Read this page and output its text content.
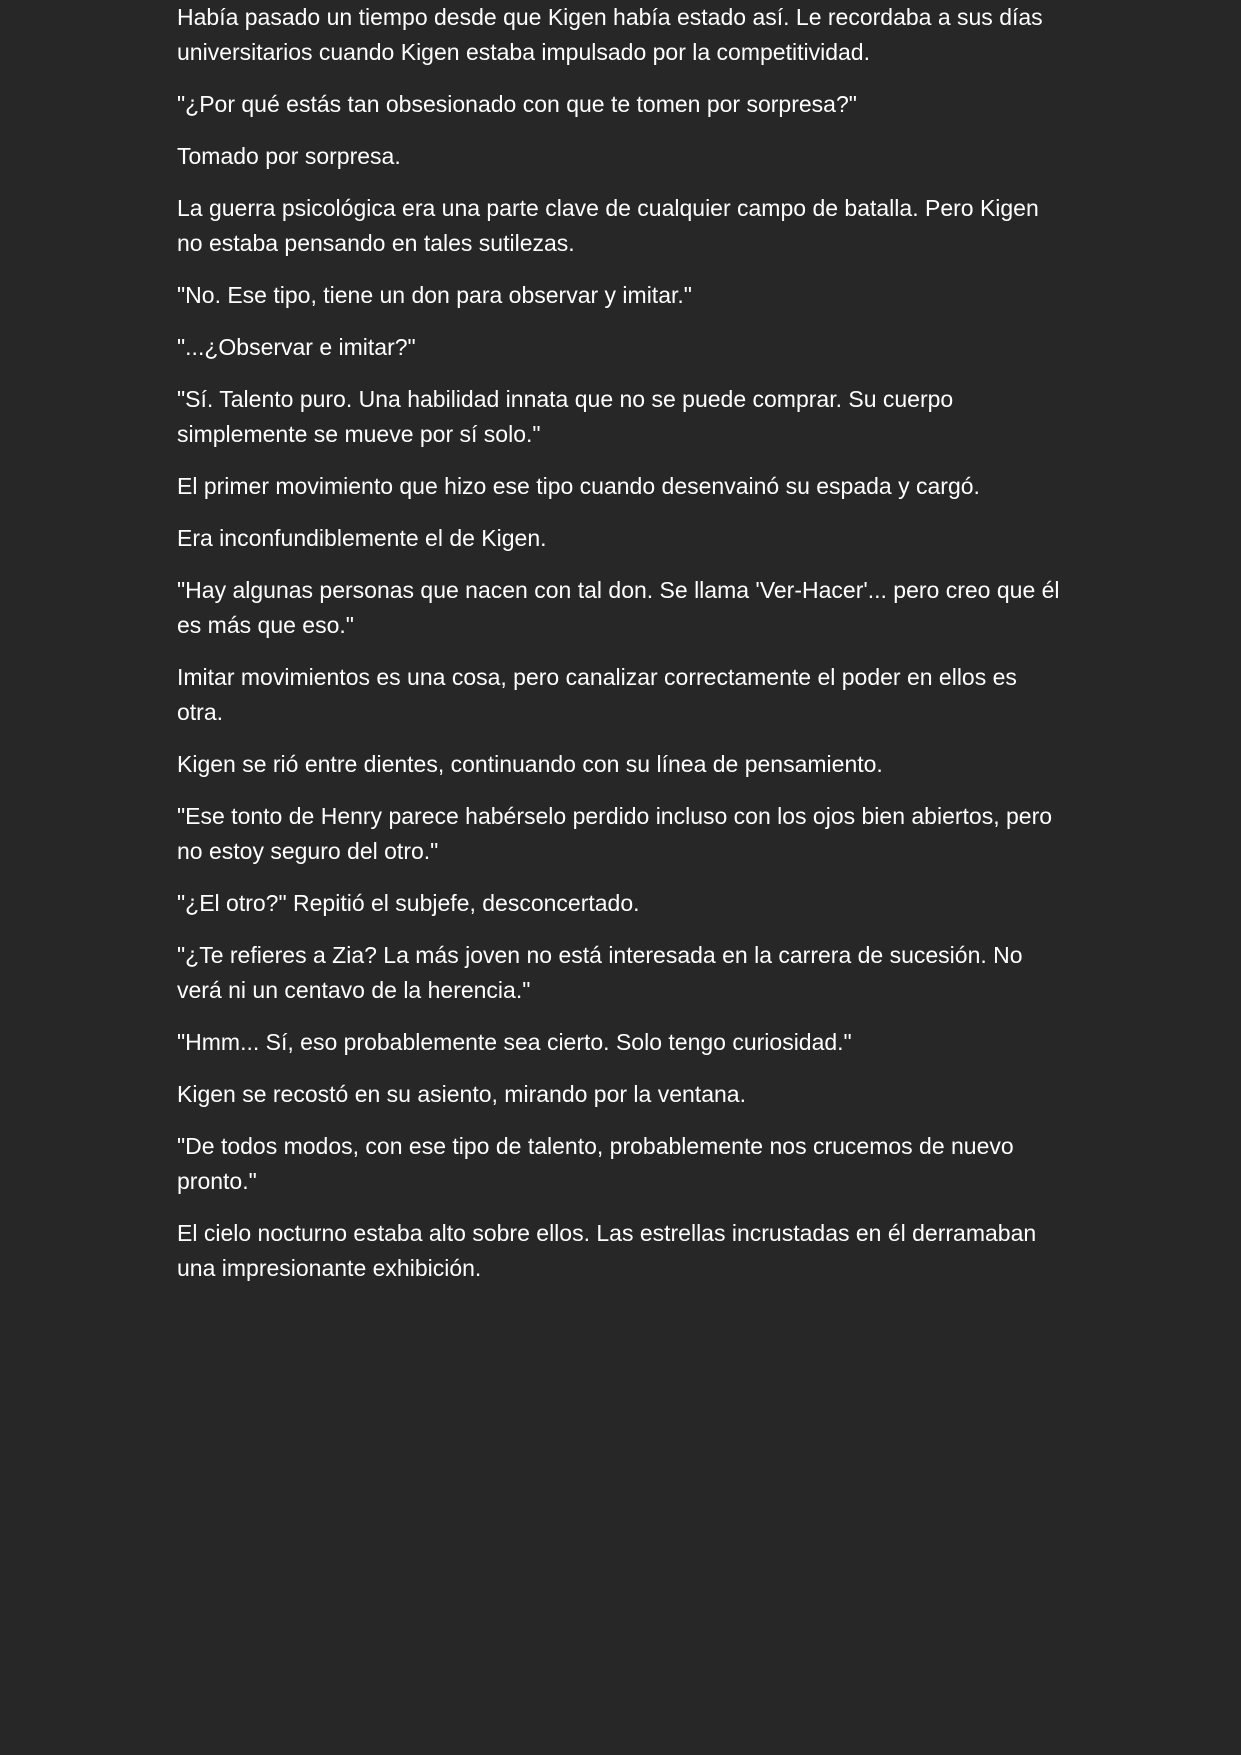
Había pasado un tiempo desde que Kigen había estado así. Le recordaba a sus días universitarios cuando Kigen estaba impulsado por la competitividad.

"¿Por qué estás tan obsesionado con que te tomen por sorpresa?"

Tomado por sorpresa.

La guerra psicológica era una parte clave de cualquier campo de batalla. Pero Kigen no estaba pensando en tales sutilezas.

"No. Ese tipo, tiene un don para observar y imitar."

"...¿Observar e imitar?"

"Sí. Talento puro. Una habilidad innata que no se puede comprar. Su cuerpo simplemente se mueve por sí solo."

El primer movimiento que hizo ese tipo cuando desenvainó su espada y cargó.

Era inconfundiblemente el de Kigen.

"Hay algunas personas que nacen con tal don. Se llama 'Ver-Hacer'... pero creo que él es más que eso."

Imitar movimientos es una cosa, pero canalizar correctamente el poder en ellos es otra.

Kigen se rió entre dientes, continuando con su línea de pensamiento.

"Ese tonto de Henry parece habérselo perdido incluso con los ojos bien abiertos, pero no estoy seguro del otro."

"¿El otro?" Repitió el subjefe, desconcertado.

"¿Te refieres a Zia? La más joven no está interesada en la carrera de sucesión. No verá ni un centavo de la herencia."

"Hmm... Sí, eso probablemente sea cierto. Solo tengo curiosidad."

Kigen se recostó en su asiento, mirando por la ventana.

"De todos modos, con ese tipo de talento, probablemente nos crucemos de nuevo pronto."

El cielo nocturno estaba alto sobre ellos. Las estrellas incrustadas en él derramaban una impresionante exhibición.
